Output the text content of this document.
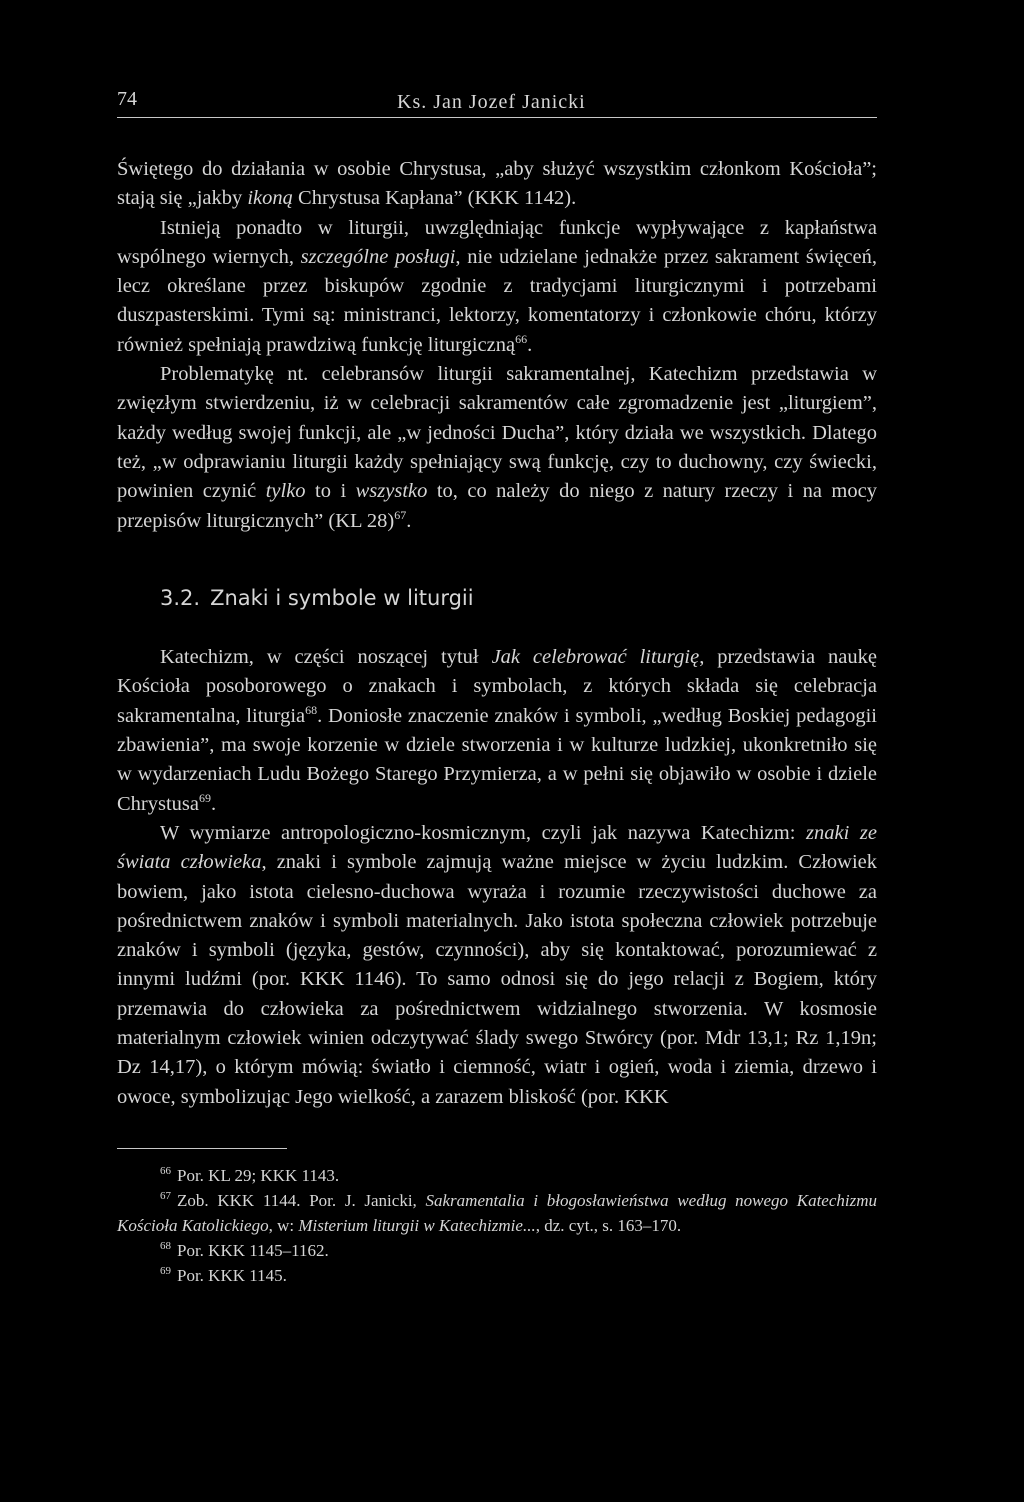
74	Ks. Jan Jozef Janicki

Świętego do działania w osobie Chrystusa, „aby służyć wszystkim członkom Kościoła”; stają się „jakby ikoną Chrystusa Kapłana” (KKK 1142).

Istnieją ponadto w liturgii, uwzględniając funkcje wypływające z kapłaństwa wspólnego wiernych, szczególne posługi, nie udzielane jednakże przez sakrament święceń, lecz określane przez biskupów zgodnie z tradycjami liturgicznymi i potrzebami duszpasterskimi. Tymi są: ministranci, lektorzy, komentatorzy i członkowie chóru, którzy również spełniają prawdziwą funkcję liturgiczną$^{66}$.

Problematykę nt. celebransów liturgii sakramentalnej, Katechizm przedstawia w zwięzłym stwierdzeniu, iż w celebracji sakramentów całe zgromadzenie jest „liturgiem”, każdy według swojej funkcji, ale „w jedności Ducha”, który działa we wszystkich. Dlatego też, „w odprawianiu liturgii każdy spełniający swą funkcję, czy to duchowny, czy świecki, powinien czynić tylko to i wszystko to, co należy do niego z natury rzeczy i na mocy przepisów liturgicznych” (KL 28)$^{67}$.

3.2. Znaki i symbole w liturgii

Katechizm, w części noszącej tytuł Jak celebrować liturgię, przedstawia naukę Kościoła posoborowego o znakach i symbolach, z których składa się celebracja sakramentalna, liturgia$^{68}$. Doniosłe znaczenie znaków i symboli, „według Boskiej pedagogii zbawienia”, ma swoje korzenie w dziele stworzenia i w kulturze ludzkiej, ukonkretniło się w wydarzeniach Ludu Bożego Starego Przymierza, a w pełni się objawiło w osobie i dziele Chrystusa$^{69}$.

W wymiarze antropologiczno-kosmicznym, czyli jak nazywa Katechizm: znaki ze świata człowieka, znaki i symbole zajmują ważne miejsce w życiu ludzkim. Człowiek bowiem, jako istota cielesno-duchowa wyraża i rozumie rzeczywistości duchowe za pośrednictwem znaków i symboli materialnych. Jako istota społeczna człowiek potrzebuje znaków i symboli (języka, gestów, czynności), aby się kontaktować, porozumiewać z innymi ludźmi (por. KKK 1146). To samo odnosi się do jego relacji z Bogiem, który przemawia do człowieka za pośrednictwem widzialnego stworzenia. W kosmosie materialnym człowiek winien odczytywać ślady swego Stwórcy (por. Mdr 13,1; Rz 1,19n; Dz 14,17), o którym mówią: światło i ciemność, wiatr i ogień, woda i ziemia, drzewo i owoce, symbolizując Jego wielkość, a zarazem bliskość (por. KKK

$^{66}$ Por. KL 29; KKK 1143.

$^{67}$ Zob. KKK 1144. Por. J. Janicki, Sakramentalia i błogosławieństwa według nowego Katechizmu Kościoła Katolickiego, w: Misterium liturgii w Katechizmie..., dz. cyt., s. 163–170.

$^{68}$ Por. KKK 1145–1162.

$^{69}$ Por. KKK 1145.
